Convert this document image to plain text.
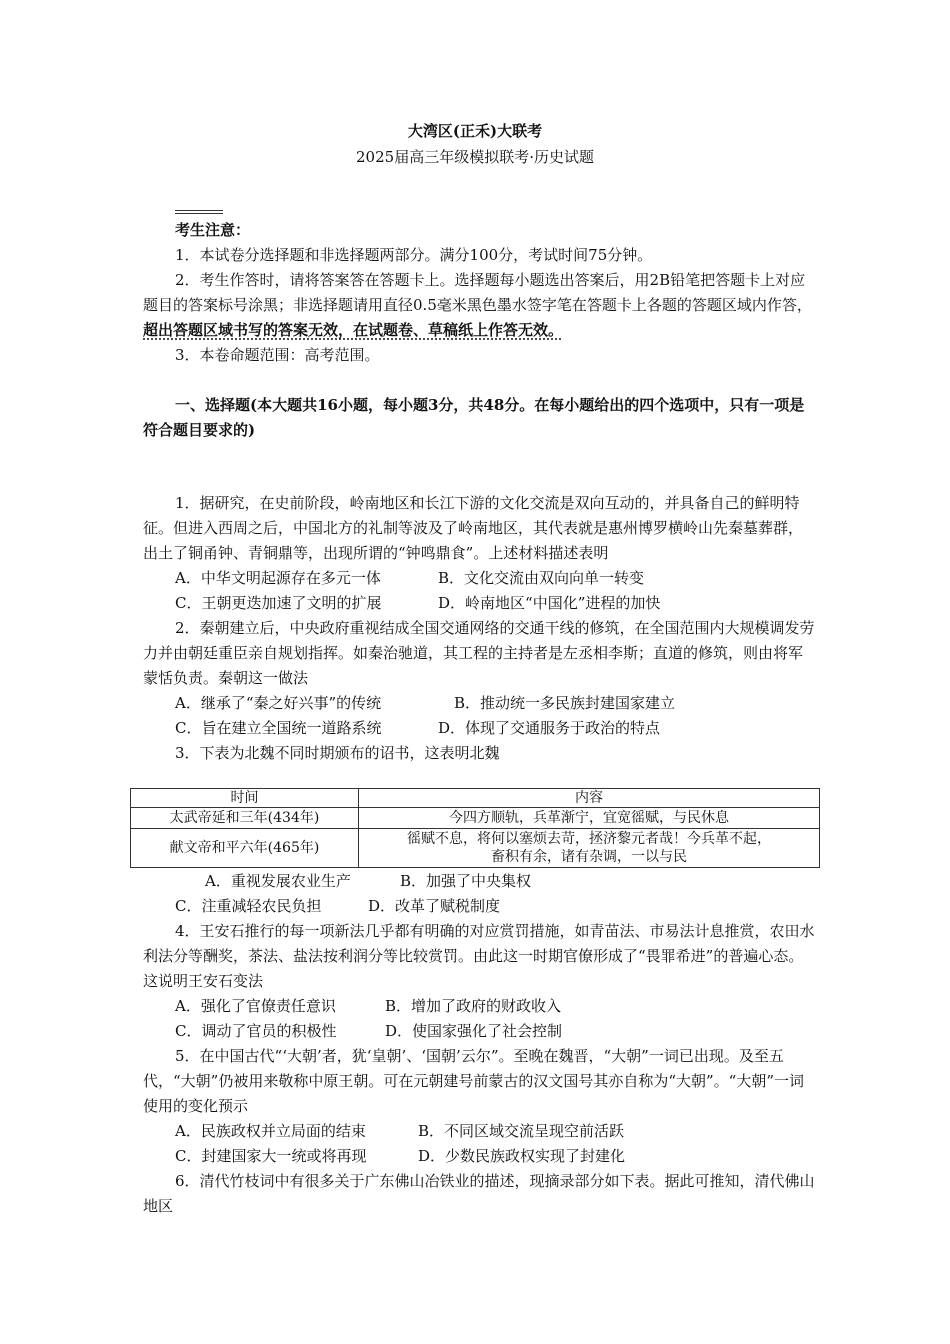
大湾区(正禾)大联考
2025届高三年级模拟联考·历史试题
考生注意：
1．本试卷分选择题和非选择题两部分。满分100分，考试时间75分钟。
2．考生作答时，请将答案答在答题卡上。选择题每小题选出答案后，用2B铅笔把答题卡上对应题目的答案标号涂黑；非选择题请用直径0.5毫米黑色墨水签字笔在答题卡上各题的答题区域内作答，超出答题区域书写的答案无效，在试题卷、草稿纸上作答无效。
3．本卷命题范围：高考范围。
一、选择题(本大题共16小题，每小题3分，共48分。在每小题给出的四个选项中，只有一项是符合题目要求的)
1．据研究，在史前阶段，岭南地区和长江下游的文化交流是双向互动的，并具备自己的鲜明特征。但进入西周之后，中国北方的礼制等波及了岭南地区，其代表就是惠州博罗横岭山先秦墓葬群，出土了铜甬钟、青铜鼎等，出现所谓的“钟鸣鼎食”。上述材料描述表明
A．中华文明起源存在多元一体	B．文化交流由双向向单一转变
C．王朝更迭加速了文明的扩展	D．岭南地区“中国化”进程的加快
2．秦朝建立后，中央政府重视结成全国交通网络的交通干线的修筑，在全国范围内大规模调发劳力并由朝廷重臣亲自规划指挥。如秦治驰道，其工程的主持者是左丞相李斯；直道的修筑，则由将军蒙恬负责。秦朝这一做法
A．继承了“秦之好兴事”的传统	B．推动统一多民族封建国家建立
C．旨在建立全国统一道路系统	D．体现了交通服务于政治的特点
3．下表为北魏不同时期颁布的诏书，这表明北魏
时间	内容
太武帝延和三年(434年)	今四方顺轨，兵革渐宁，宜宽徭赋，与民休息
献文帝和平六年(465年)	徭赋不息，将何以塞烦去苛，拯济黎元者哉！今兵革不起，
畜积有余，诸有杂调，一以与民
A．重视发展农业生产	B．加强了中央集权
C．注重减轻农民负担	D．改革了赋税制度
4．王安石推行的每一项新法几乎都有明确的对应赏罚措施，如青苗法、市易法计息推赏，农田水利法分等酬奖，茶法、盐法按利润分等比较赏罚。由此这一时期官僚形成了“畏罪希进”的普遍心态。这说明王安石变法
A．强化了官僚责任意识	B．增加了政府的财政收入
C．调动了官员的积极性	D．使国家强化了社会控制
5．在中国古代“‘大朝’者，犹‘皇朝’、‘国朝’云尔”。至晚在魏晋，“大朝”一词已出现。及至五代，“大朝”仍被用来敬称中原王朝。可在元朝建号前蒙古的汉文国号其亦自称为“大朝”。“大朝”一词使用的变化预示
A．民族政权并立局面的结束	B．不同区域交流呈现空前活跃
C．封建国家大一统或将再现	D．少数民族政权实现了封建化
6．清代竹枝词中有很多关于广东佛山冶铁业的描述，现摘录部分如下表。据此可推知，清代佛山地区
